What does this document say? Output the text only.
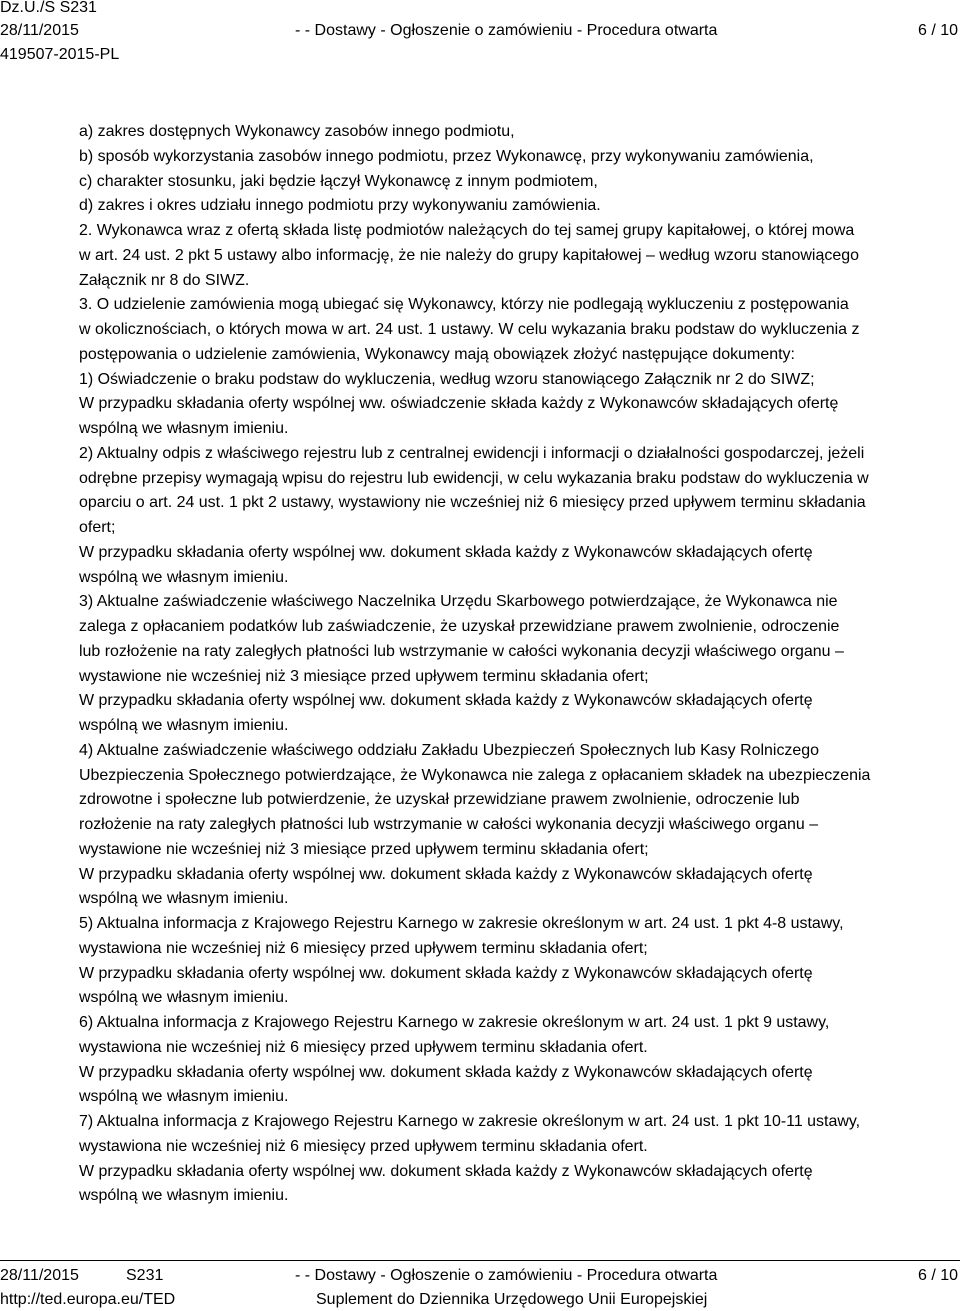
Dz.U./S S231
28/11/2015
419507-2015-PL
- - Dostawy - Ogłoszenie o zamówieniu - Procedura otwarta	6 / 10
a) zakres dostępnych Wykonawcy zasobów innego podmiotu,
b) sposób wykorzystania zasobów innego podmiotu, przez Wykonawcę, przy wykonywaniu zamówienia,
c) charakter stosunku, jaki będzie łączył Wykonawcę z innym podmiotem,
d) zakres i okres udziału innego podmiotu przy wykonywaniu zamówienia.
2. Wykonawca wraz z ofertą składa listę podmiotów należących do tej samej grupy kapitałowej, o której mowa
w art. 24 ust. 2 pkt 5 ustawy albo informację, że nie należy do grupy kapitałowej – według wzoru stanowiącego
Załącznik nr 8 do SIWZ.
3. O udzielenie zamówienia mogą ubiegać się Wykonawcy, którzy nie podlegają wykluczeniu z postępowania
w okolicznościach, o których mowa w art. 24 ust. 1 ustawy. W celu wykazania braku podstaw do wykluczenia z
postępowania o udzielenie zamówienia, Wykonawcy mają obowiązek złożyć następujące dokumenty:
1) Oświadczenie o braku podstaw do wykluczenia, według wzoru stanowiącego Załącznik nr 2 do SIWZ;
W przypadku składania oferty wspólnej ww. oświadczenie składa każdy z Wykonawców składających ofertę
wspólną we własnym imieniu.
2) Aktualny odpis z właściwego rejestru lub z centralnej ewidencji i informacji o działalności gospodarczej, jeżeli
odrębne przepisy wymagają wpisu do rejestru lub ewidencji, w celu wykazania braku podstaw do wykluczenia w
oparciu o art. 24 ust. 1 pkt 2 ustawy, wystawiony nie wcześniej niż 6 miesięcy przed upływem terminu składania
ofert;
W przypadku składania oferty wspólnej ww. dokument składa każdy z Wykonawców składających ofertę
wspólną we własnym imieniu.
3) Aktualne zaświadczenie właściwego Naczelnika Urzędu Skarbowego potwierdzające, że Wykonawca nie
zalega z opłacaniem podatków lub zaświadczenie, że uzyskał przewidziane prawem zwolnienie, odroczenie
lub rozłożenie na raty zaległych płatności lub wstrzymanie w całości wykonania decyzji właściwego organu –
wystawione nie wcześniej niż 3 miesiące przed upływem terminu składania ofert;
W przypadku składania oferty wspólnej ww. dokument składa każdy z Wykonawców składających ofertę
wspólną we własnym imieniu.
4) Aktualne zaświadczenie właściwego oddziału Zakładu Ubezpieczeń Społecznych lub Kasy Rolniczego
Ubezpieczenia Społecznego potwierdzające, że Wykonawca nie zalega z opłacaniem składek na ubezpieczenia
zdrowotne i społeczne lub potwierdzenie, że uzyskał przewidziane prawem zwolnienie, odroczenie lub
rozłożenie na raty zaległych płatności lub wstrzymanie w całości wykonania decyzji właściwego organu –
wystawione nie wcześniej niż 3 miesiące przed upływem terminu składania ofert;
W przypadku składania oferty wspólnej ww. dokument składa każdy z Wykonawców składających ofertę
wspólną we własnym imieniu.
5) Aktualna informacja z Krajowego Rejestru Karnego w zakresie określonym w art. 24 ust. 1 pkt 4-8 ustawy,
wystawiona nie wcześniej niż 6 miesięcy przed upływem terminu składania ofert;
W przypadku składania oferty wspólnej ww. dokument składa każdy z Wykonawców składających ofertę
wspólną we własnym imieniu.
6) Aktualna informacja z Krajowego Rejestru Karnego w zakresie określonym w art. 24 ust. 1 pkt 9 ustawy,
wystawiona nie wcześniej niż 6 miesięcy przed upływem terminu składania ofert.
W przypadku składania oferty wspólnej ww. dokument składa każdy z Wykonawców składających ofertę
wspólną we własnym imieniu.
7) Aktualna informacja z Krajowego Rejestru Karnego w zakresie określonym w art. 24 ust. 1 pkt 10-11 ustawy,
wystawiona nie wcześniej niż 6 miesięcy przed upływem terminu składania ofert.
W przypadku składania oferty wspólnej ww. dokument składa każdy z Wykonawców składających ofertę
wspólną we własnym imieniu.
28/11/2015	S231
http://ted.europa.eu/TED
- - Dostawy - Ogłoszenie o zamówieniu - Procedura otwarta
Suplement do Dziennika Urzędowego Unii Europejskiej
6 / 10
